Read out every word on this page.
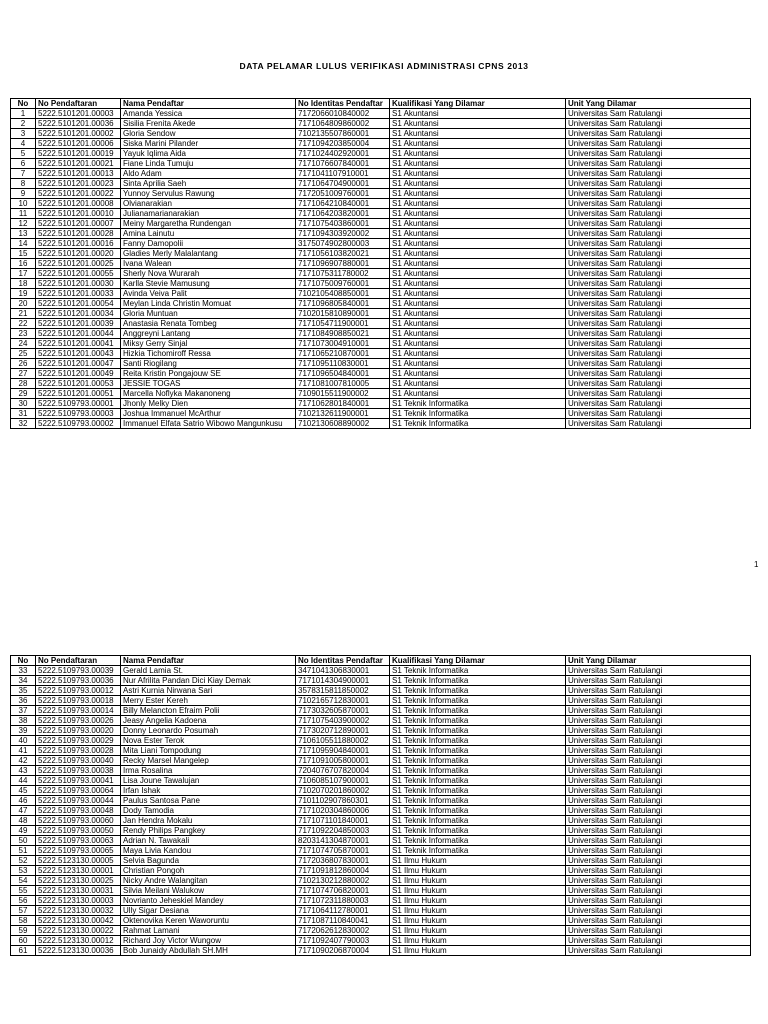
DATA PELAMAR LULUS VERIFIKASI ADMINISTRASI CPNS 2013
No	No Pendaftaran	Nama Pendaftar	No Identitas Pendaftar	Kualifikasi Yang Dilamar	Unit Yang Dilamar
1	5222.5101201.00003	Amanda Yessica	7172066010840002	S1 Akuntansi	Universitas Sam Ratulangi
2	5222.5101201.00036	Sisilia Frenita Akede	7171064809860002	S1 Akuntansi	Universitas Sam Ratulangi
3	5222.5101201.00002	Gloria Sendow	7102135507860001	S1 Akuntansi	Universitas Sam Ratulangi
4	5222.5101201.00006	Siska Marini Pilander	7171094203850004	S1 Akuntansi	Universitas Sam Ratulangi
5	5222.5101201.00019	Yayuk Iqlima Aida	7171024402920001	S1 Akuntansi	Universitas Sam Ratulangi
6	5222.5101201.00021	Fiane Linda Tumuju	7171076607840001	S1 Akuntansi	Universitas Sam Ratulangi
7	5222.5101201.00013	Aldo Adam	7171041107910001	S1 Akuntansi	Universitas Sam Ratulangi
8	5222.5101201.00023	Sinta Aprilia Saeh	7171064704900001	S1 Akuntansi	Universitas Sam Ratulangi
9	5222.5101201.00022	Yunnoy Servulus Rawung	7172051009760001	S1 Akuntansi	Universitas Sam Ratulangi
10	5222.5101201.00008	Olvianarakian	7171064210840001	S1 Akuntansi	Universitas Sam Ratulangi
11	5222.5101201.00010	Julianamarianarakian	7171064203820001	S1 Akuntansi	Universitas Sam Ratulangi
12	5222.5101201.00007	Meiny Margaretha Rundengan	7171075403860001	S1 Akuntansi	Universitas Sam Ratulangi
13	5222.5101201.00028	Amina Lainutu	7171094303920002	S1 Akuntansi	Universitas Sam Ratulangi
14	5222.5101201.00016	Fanny Damopolii	3175074902800003	S1 Akuntansi	Universitas Sam Ratulangi
15	5222.5101201.00020	Gladies Merly Malalantang	7171056103820021	S1 Akuntansi	Universitas Sam Ratulangi
16	5222.5101201.00025	Ivana Walean	7171096907880001	S1 Akuntansi	Universitas Sam Ratulangi
17	5222.5101201.00055	Sherly Nova Wurarah	7171075311780002	S1 Akuntansi	Universitas Sam Ratulangi
18	5222.5101201.00030	Karlla Stevie Mamusung	7171075009760001	S1 Akuntansi	Universitas Sam Ratulangi
19	5222.5101201.00033	Avinda Veiva Palit	7102105408850001	S1 Akuntansi	Universitas Sam Ratulangi
20	5222.5101201.00054	Meylan Linda Christin Momuat	7171096805840001	S1 Akuntansi	Universitas Sam Ratulangi
21	5222.5101201.00034	Gloria Muntuan	7102015810890001	S1 Akuntansi	Universitas Sam Ratulangi
22	5222.5101201.00039	Anastasia Renata Tombeg	7171054711900001	S1 Akuntansi	Universitas Sam Ratulangi
23	5222.5101201.00044	Anggreyni Lantang	7171084908850021	S1 Akuntansi	Universitas Sam Ratulangi
24	5222.5101201.00041	Miksy Gerry Sinjal	7171073004910001	S1 Akuntansi	Universitas Sam Ratulangi
25	5222.5101201.00043	Hizkia Tichomiroff Ressa	7171065210870001	S1 Akuntansi	Universitas Sam Ratulangi
26	5222.5101201.00047	Santi Riogilang	7171095110830001	S1 Akuntansi	Universitas Sam Ratulangi
27	5222.5101201.00049	Reita Kristin Pongajouw SE	7171096504840001	S1 Akuntansi	Universitas Sam Ratulangi
28	5222.5101201.00053	JESSIE TOGAS	7171081007810005	S1 Akuntansi	Universitas Sam Ratulangi
29	5222.5101201.00051	Marcella Noflyka Makanoneng	7109015511900002	S1 Akuntansi	Universitas Sam Ratulangi
30	5222.5109793.00001	Jhonly Melky Dien	7171062801840001	S1 Teknik Informatika	Universitas Sam Ratulangi
31	5222.5109793.00003	Joshua Immanuel McArthur	7102132611900001	S1 Teknik Informatika	Universitas Sam Ratulangi
32	5222.5109793.00002	Immanuel Elfata Satrio Wibowo Mangunkusu	7102130608890002	S1 Teknik Informatika	Universitas Sam Ratulangi
1
No	No Pendaftaran	Nama Pendaftar	No Identitas Pendaftar	Kualifikasi Yang Dilamar	Unit Yang Dilamar
33	5222.5109793.00039	Gerald Lamia St.	3471041306830001	S1 Teknik Informatika	Universitas Sam Ratulangi
34	5222.5109793.00036	Nur Afrilita Pandan Dici Kiay Demak	7171014304900001	S1 Teknik Informatika	Universitas Sam Ratulangi
35	5222.5109793.00012	Astri Kurnia Nirwana Sari	3578315811850002	S1 Teknik Informatika	Universitas Sam Ratulangi
36	5222.5109793.00018	Merry Ester Kereh	7102165712830001	S1 Teknik Informatika	Universitas Sam Ratulangi
37	5222.5109793.00014	Billy Melancton Efraim Polii	7173032605870001	S1 Teknik Informatika	Universitas Sam Ratulangi
38	5222.5109793.00026	Jeasy Angelia Kadoena	7171075403900002	S1 Teknik Informatika	Universitas Sam Ratulangi
39	5222.5109793.00020	Donny Leonardo Posumah	7173020712890001	S1 Teknik Informatika	Universitas Sam Ratulangi
40	5222.5109793.00029	Nova Ester Terok	7106105511880002	S1 Teknik Informatika	Universitas Sam Ratulangi
41	5222.5109793.00028	Mita Liani Tompodung	7171095904840001	S1 Teknik Informatika	Universitas Sam Ratulangi
42	5222.5109793.00040	Recky Marsel Mangelep	7171091005800001	S1 Teknik Informatika	Universitas Sam Ratulangi
43	5222.5109793.00038	Irma Rosalina	7204076707820004	S1 Teknik Informatika	Universitas Sam Ratulangi
44	5222.5109793.00041	Lisa Joune Tawalujan	7106085107900001	S1 Teknik Informatika	Universitas Sam Ratulangi
45	5222.5109793.00064	Irfan Ishak	7102070201860002	S1 Teknik Informatika	Universitas Sam Ratulangi
46	5222.5109793.00044	Paulus Santosa Pane	7101102907860301	S1 Teknik Informatika	Universitas Sam Ratulangi
47	5222.5109793.00048	Dody Tamodia	7171020304860006	S1 Teknik Informatika	Universitas Sam Ratulangi
48	5222.5109793.00060	Jan Hendra Mokalu	7171071101840001	S1 Teknik Informatika	Universitas Sam Ratulangi
49	5222.5109793.00050	Rendy Philips Pangkey	7171092204850003	S1 Teknik Informatika	Universitas Sam Ratulangi
50	5222.5109793.00063	Adrian N. Tawakali	8203141304870001	S1 Teknik Informatika	Universitas Sam Ratulangi
51	5222.5109793.00065	Maya Livia Kandou	7171074705870001	S1 Teknik Informatika	Universitas Sam Ratulangi
52	5222.5123130.00005	Selvia Bagunda	7172036807830001	S1 Ilmu Hukum	Universitas Sam Ratulangi
53	5222.5123130.00001	Christian Pongoh	7171091812860004	S1 Ilmu Hukum	Universitas Sam Ratulangi
54	5222.5123130.00025	Nicky Andre Walangitan	7102130212880002	S1 Ilmu Hukum	Universitas Sam Ratulangi
55	5222.5123130.00031	Silvia Meilani Walukow	7171074706820001	S1 Ilmu Hukum	Universitas Sam Ratulangi
56	5222.5123130.00003	Novrianto Jeheskiel Mandey	7171072311880003	S1 Ilmu Hukum	Universitas Sam Ratulangi
57	5222.5123130.00032	Ully Sigar Desiana	7171064112780001	S1 Ilmu Hukum	Universitas Sam Ratulangi
58	5222.5123130.00042	Oktenovika Keren Waworuntu	7171087110840041	S1 Ilmu Hukum	Universitas Sam Ratulangi
59	5222.5123130.00022	Rahmat Lamani	7172062612830002	S1 Ilmu Hukum	Universitas Sam Ratulangi
60	5222.5123130.00012	Richard Joy Victor Wungow	7171092407790003	S1 Ilmu Hukum	Universitas Sam Ratulangi
61	5222.5123130.00036	Bob Junaidy Abdullah SH.MH	7171090206870004	S1 Ilmu Hukum	Universitas Sam Ratulangi
